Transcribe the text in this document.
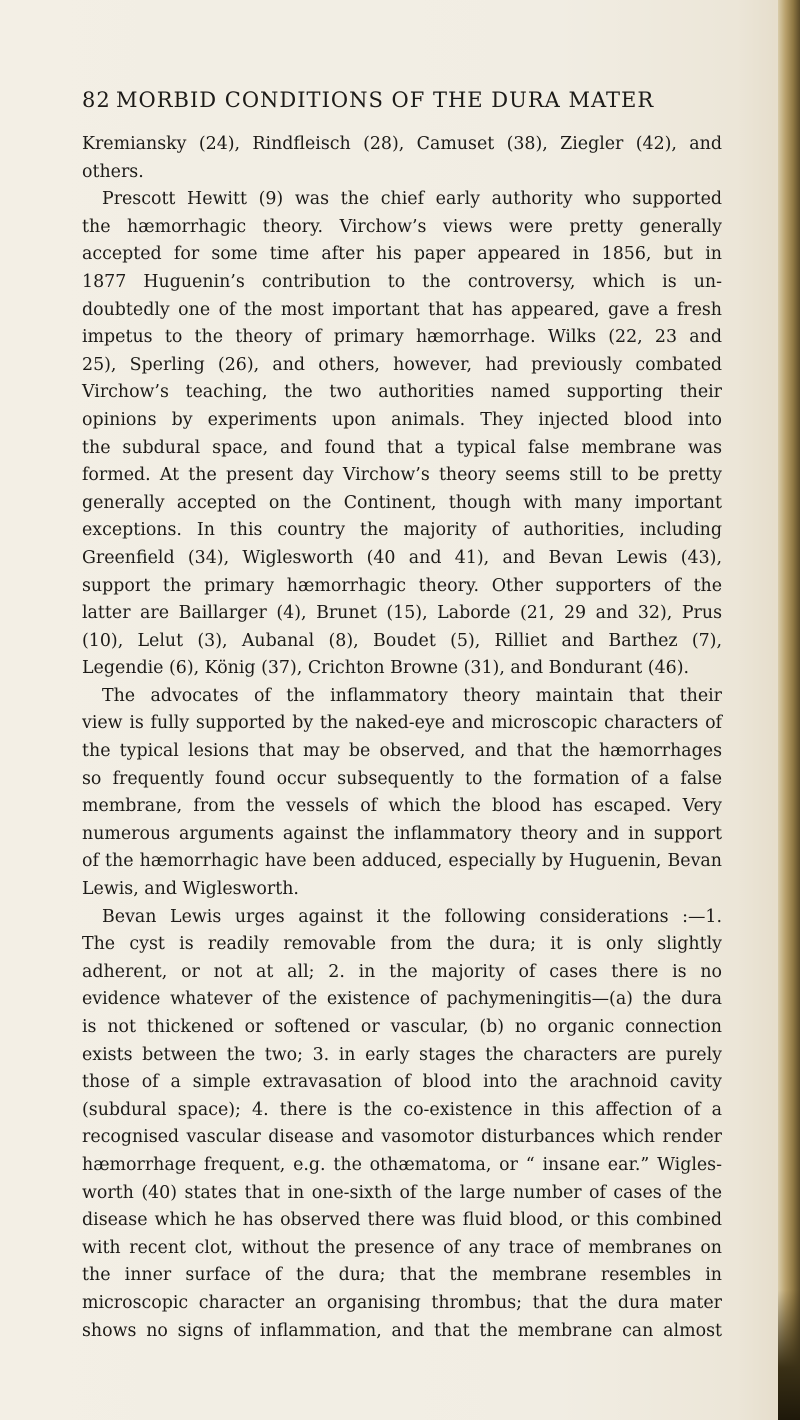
82 MORBID CONDITIONS OF THE DURA MATER

Kremiansky (24), Rindfleisch (28), Camuset (38), Ziegler (42), and

others.

Prescott Hewitt (9) was the chief early authority who supported

the hæmorrhagic theory. Virchow’s views were pretty generally

accepted for some time after his paper appeared in 1856, but in

1877 Huguenin’s contribution to the controversy, which is un-

doubtedly one of the most important that has appeared, gave a fresh

impetus to the theory of primary hæmorrhage. Wilks (22, 23 and

25), Sperling (26), and others, however, had previously combated

Virchow’s teaching, the two authorities named supporting their

opinions by experiments upon animals. They injected blood into

the subdural space, and found that a typical false membrane was

formed. At the present day Virchow’s theory seems still to be pretty

generally accepted on the Continent, though with many important

exceptions. In this country the majority of authorities, including

Greenfield (34), Wiglesworth (40 and 41), and Bevan Lewis (43),

support the primary hæmorrhagic theory. Other supporters of the

latter are Baillarger (4), Brunet (15), Laborde (21, 29 and 32), Prus

(10), Lelut (3), Aubanal (8), Boudet (5), Rilliet and Barthez (7),

Legendie (6), König (37), Crichton Browne (31), and Bondurant (46).

The advocates of the inflammatory theory maintain that their

view is fully supported by the naked-eye and microscopic characters of

the typical lesions that may be observed, and that the hæmorrhages

so frequently found occur subsequently to the formation of a false

membrane, from the vessels of which the blood has escaped. Very

numerous arguments against the inflammatory theory and in support

of the hæmorrhagic have been adduced, especially by Huguenin, Bevan

Lewis, and Wiglesworth.

Bevan Lewis urges against it the following considerations :—1.

The cyst is readily removable from the dura; it is only slightly

adherent, or not at all; 2. in the majority of cases there is no

evidence whatever of the existence of pachymeningitis—(a) the dura

is not thickened or softened or vascular, (b) no organic connection

exists between the two; 3. in early stages the characters are purely

those of a simple extravasation of blood into the arachnoid cavity

(subdural space); 4. there is the co-existence in this affection of a

recognised vascular disease and vasomotor disturbances which render

hæmorrhage frequent, e.g. the othæmatoma, or “ insane ear.” Wigles-

worth (40) states that in one-sixth of the large number of cases of the

disease which he has observed there was fluid blood, or this combined

with recent clot, without the presence of any trace of membranes on

the inner surface of the dura; that the membrane resembles in

microscopic character an organising thrombus; that the dura mater

shows no signs of inflammation, and that the membrane can almost
